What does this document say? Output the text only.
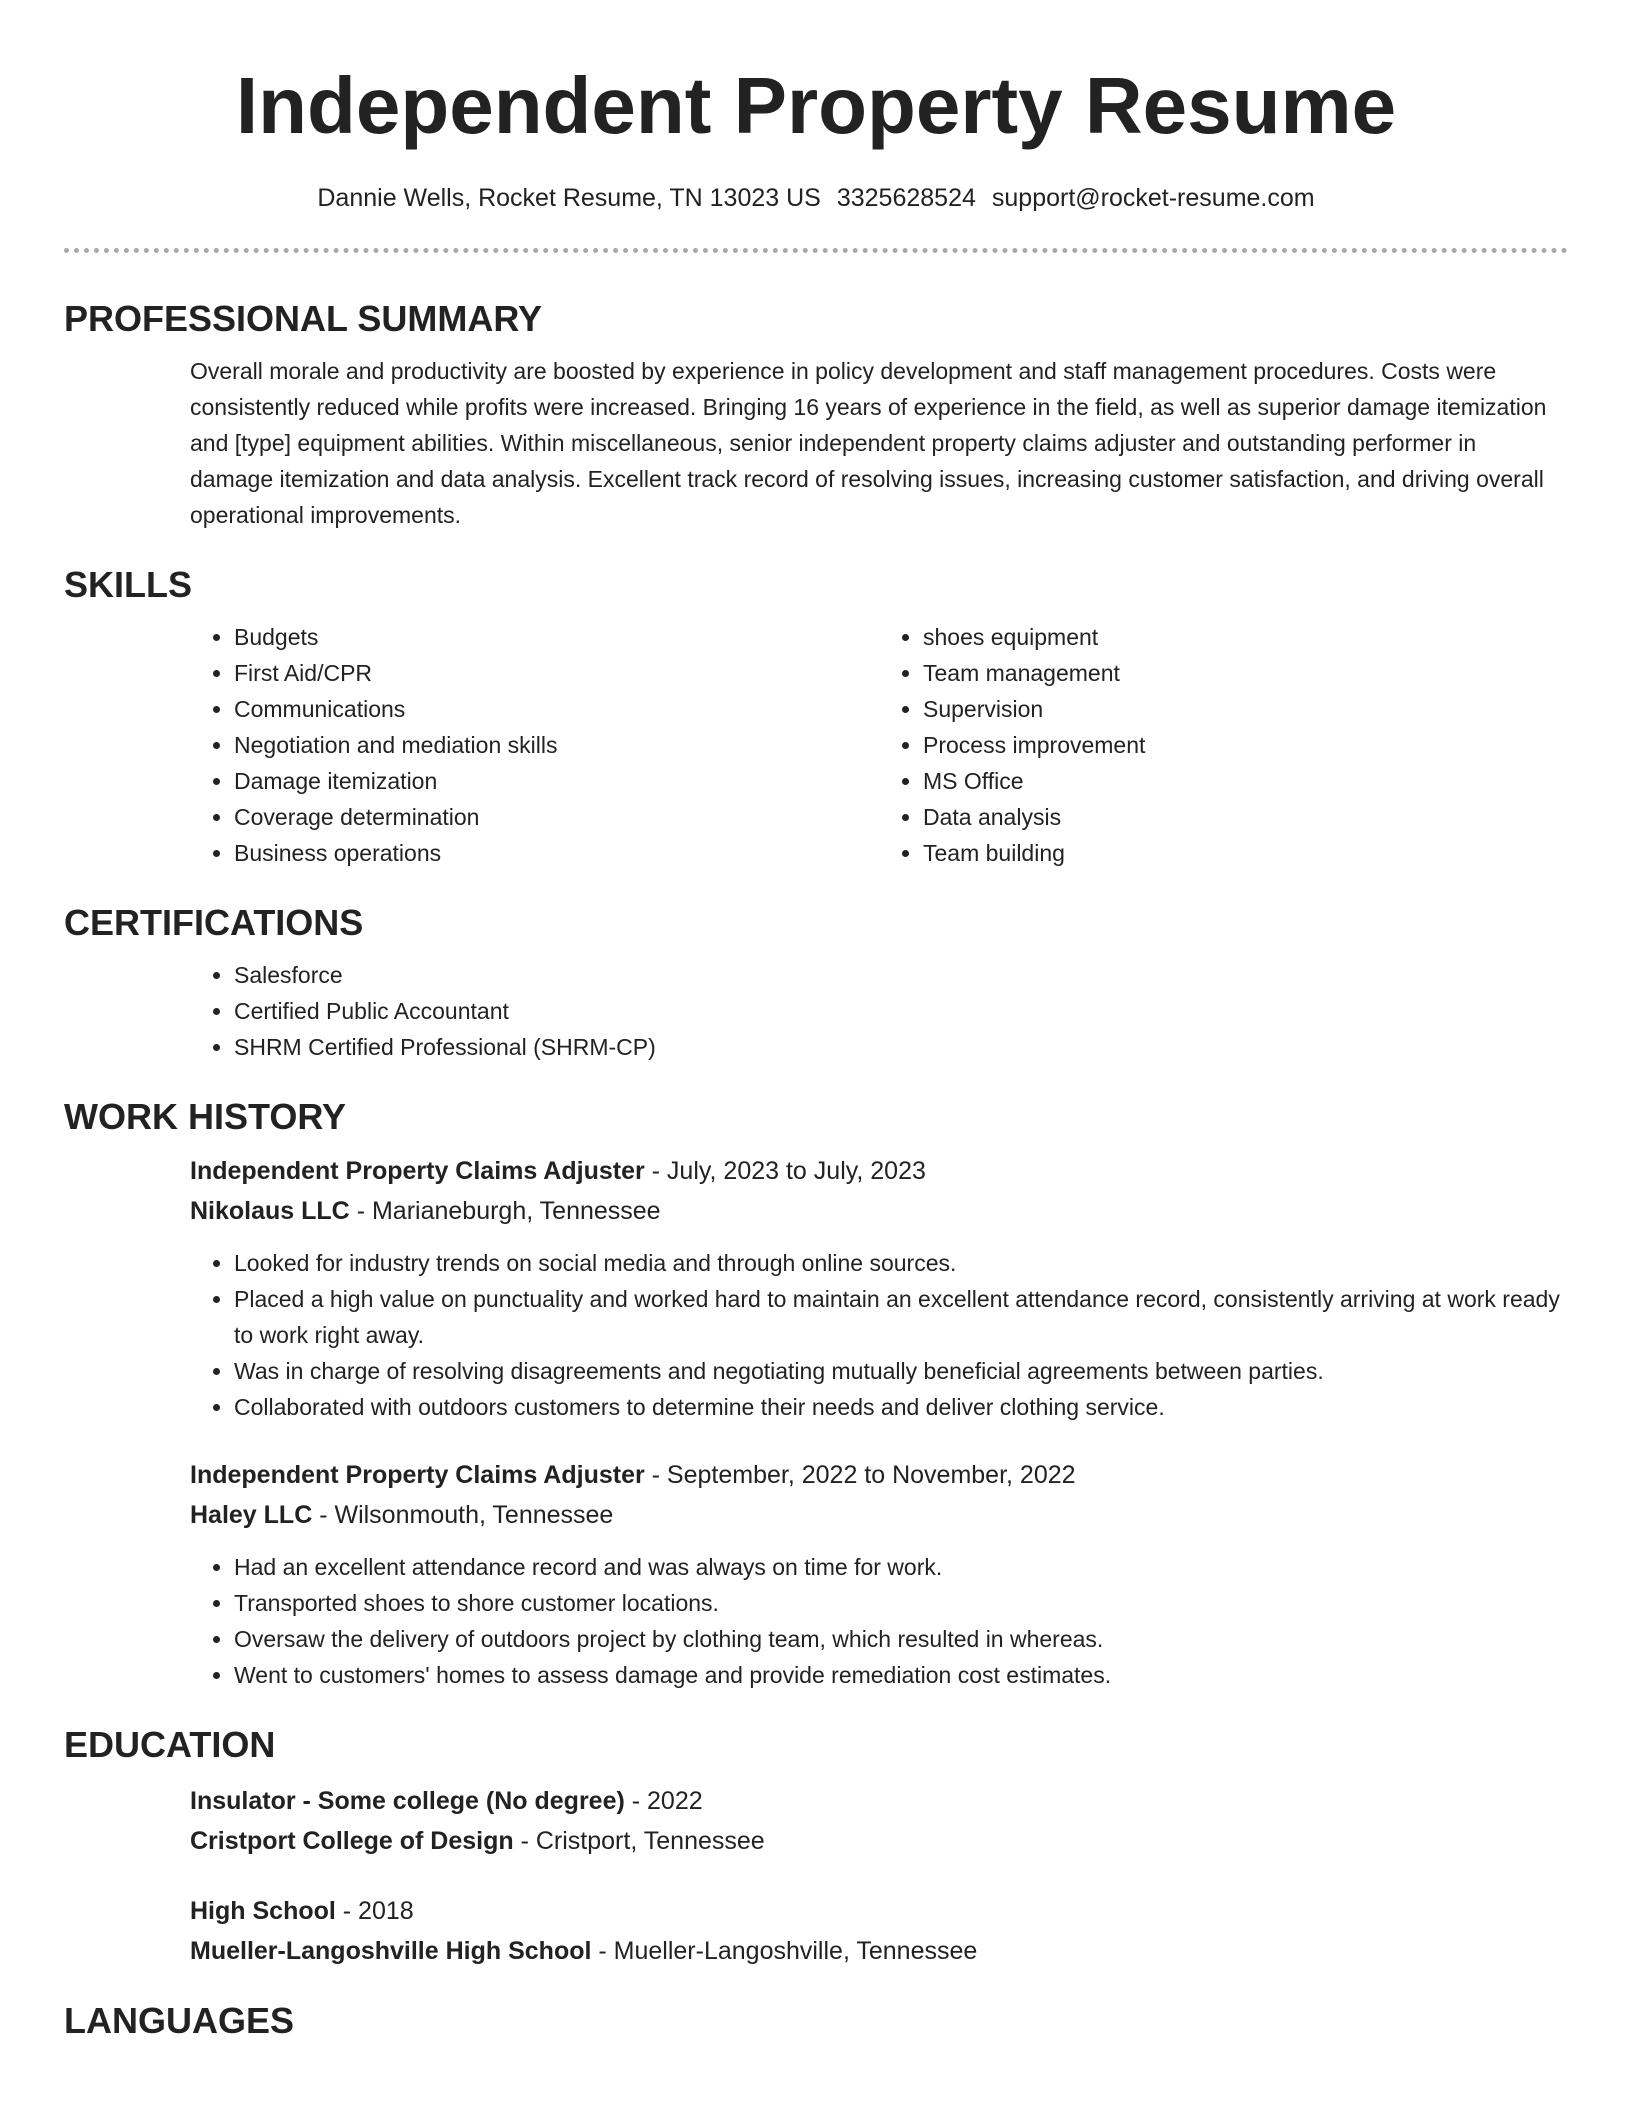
Independent Property Resume
Dannie Wells, Rocket Resume, TN 13023 US 3325628524 support@rocket-resume.com
PROFESSIONAL SUMMARY

Overall morale and productivity are boosted by experience in policy development and staff management procedures. Costs were consistently reduced while profits were increased. Bringing 16 years of experience in the field, as well as superior damage itemization and [type] equipment abilities. Within miscellaneous, senior independent property claims adjuster and outstanding performer in damage itemization and data analysis. Excellent track record of resolving issues, increasing customer satisfaction, and driving overall operational improvements.

SKILLS
• Budgets
• First Aid/CPR
• Communications
• Negotiation and mediation skills
• Damage itemization
• Coverage determination
• Business operations
• shoes equipment
• Team management
• Supervision
• Process improvement
• MS Office
• Data analysis
• Team building
CERTIFICATIONS
• Salesforce
• Certified Public Accountant
• SHRM Certified Professional (SHRM-CP)
WORK HISTORY
Independent Property Claims Adjuster - July, 2023 to July, 2023
Nikolaus LLC - Marianeburgh, Tennessee
• Looked for industry trends on social media and through online sources.
• Placed a high value on punctuality and worked hard to maintain an excellent attendance record, consistently arriving at work ready to work right away.
• Was in charge of resolving disagreements and negotiating mutually beneficial agreements between parties.
• Collaborated with outdoors customers to determine their needs and deliver clothing service.
Independent Property Claims Adjuster - September, 2022 to November, 2022
Haley LLC - Wilsonmouth, Tennessee
• Had an excellent attendance record and was always on time for work.
• Transported shoes to shore customer locations.
• Oversaw the delivery of outdoors project by clothing team, which resulted in whereas.
• Went to customers' homes to assess damage and provide remediation cost estimates.
EDUCATION
Insulator - Some college (No degree) - 2022
Cristport College of Design - Cristport, Tennessee
High School - 2018
Mueller-Langoshville High School - Mueller-Langoshville, Tennessee
LANGUAGES
